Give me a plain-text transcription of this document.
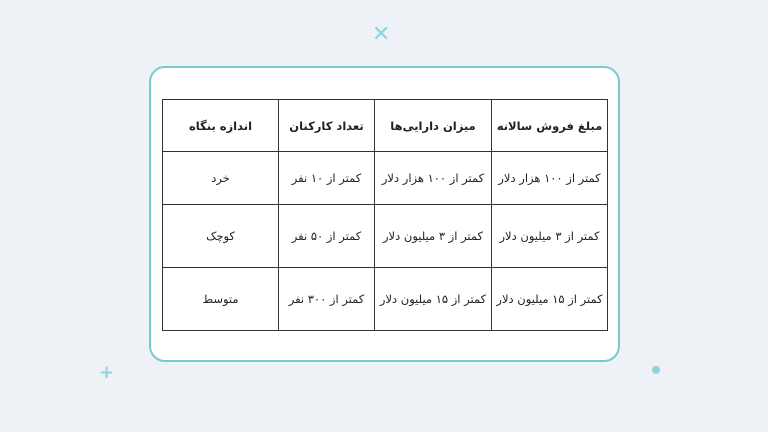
✕
+
مبلغ فروش سالانه	میزان دارایی‌ها	تعداد کارکنان	اندازه بنگاه
کمتر از ۱۰۰ هزار دلار	کمتر از ۱۰۰ هزار دلار	کمتر از ۱۰ نفر	خرد
کمتر از ۳ میلیون دلار	کمتر از ۳ میلیون دلار	کمتر از ۵۰ نفر	کوچک
کمتر از ۱۵ میلیون دلار	کمتر از ۱۵ میلیون دلار	کمتر از ۳۰۰ نفر	متوسط
